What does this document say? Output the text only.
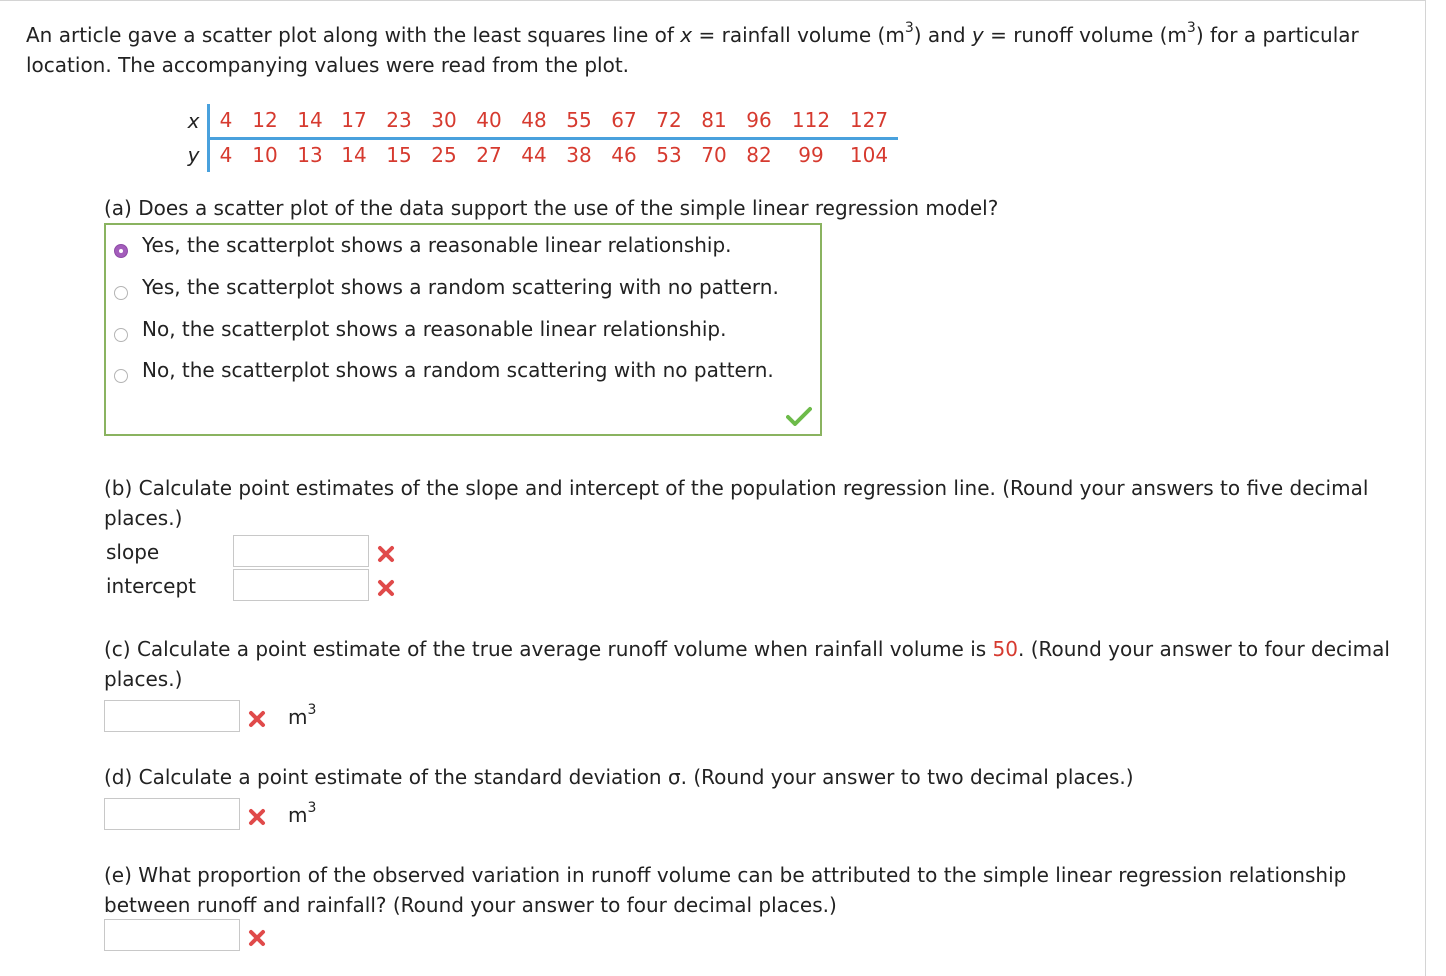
An article gave a scatter plot along with the least squares line of x = rainfall volume $(m^3)$ and y = runoff volume $(m^3)$ for a particular location. The accompanying values were read from the plot.
x	4 12 14 17 23 30 40 48 55 67 72 81 96	112 127
y	4 10 13 14 15 25 27 44 38 46 53 70 82	99	104
(a) Does a scatter plot of the data support the use of the simple linear regression model?
Yes, the scatterplot shows a reasonable linear relationship.
Yes, the scatterplot shows a random scattering with no pattern.
No, the scatterplot shows a reasonable linear relationship.
No, the scatterplot shows a random scattering with no pattern.
(b) Calculate point estimates of the slope and intercept of the population regression line. (Round your answers to five decimal
places.)
slope
intercept
(c) Calculate a point estimate of the true average runoff volume when rainfall volume is 50. (Round your answer to four decimal
places.)
$m^3$
(d) Calculate a point estimate of the standard deviation σ. (Round your answer to two decimal places.)
$m^3$
(e) What proportion of the observed variation in runoff volume can be attributed to the simple linear regression relationship
between runoff and rainfall? (Round your answer to four decimal places.)
